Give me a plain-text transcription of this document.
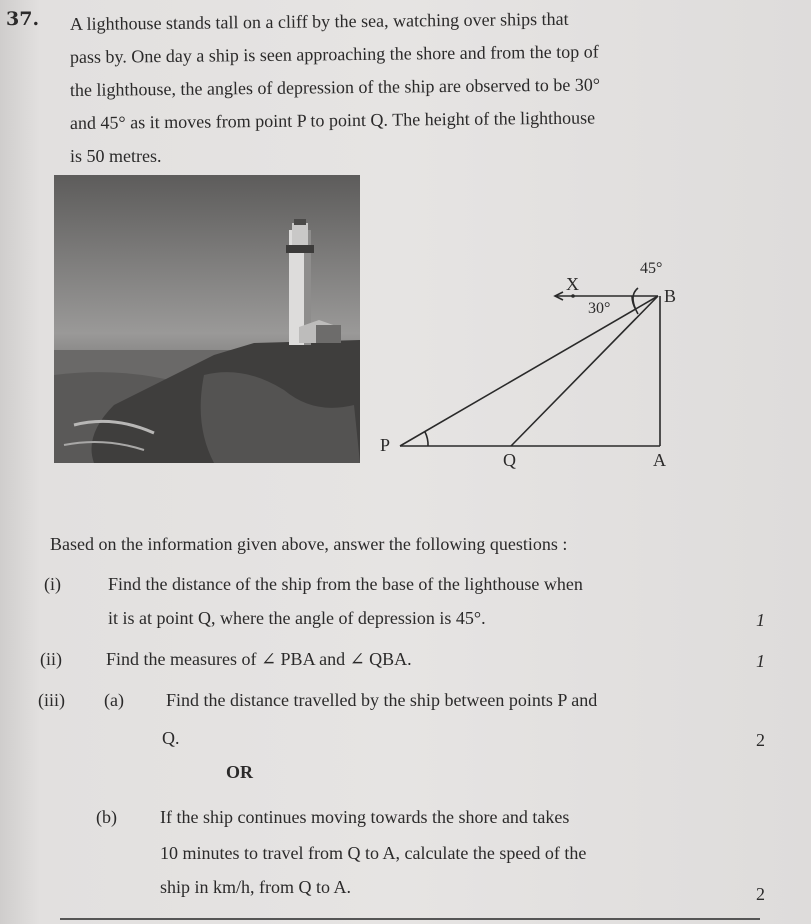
37. A lighthouse stands tall on a cliff by the sea, watching over ships that
pass by. One day a ship is seen approaching the shore and from the top of
the lighthouse, the angles of depression of the ship are observed to be 30°
and 45° as it moves from point P to point Q. The height of the lighthouse
is 50 metres.
X
B
P
Q	A
45°
30°
Based on the information given above, answer the following questions :
(i)	Find the distance of the ship from the base of the lighthouse when
it is at point Q, where the angle of depression is 45°.	1
(ii) Find the measures of ∠ PBA and ∠ QBA.	1
(iii) (a) Find the distance travelled by the ship between points P and
Q.	2
OR
(b) If the ship continues moving towards the shore and takes
10 minutes to travel from Q to A, calculate the speed of the
ship in km/h, from Q to A.	2
